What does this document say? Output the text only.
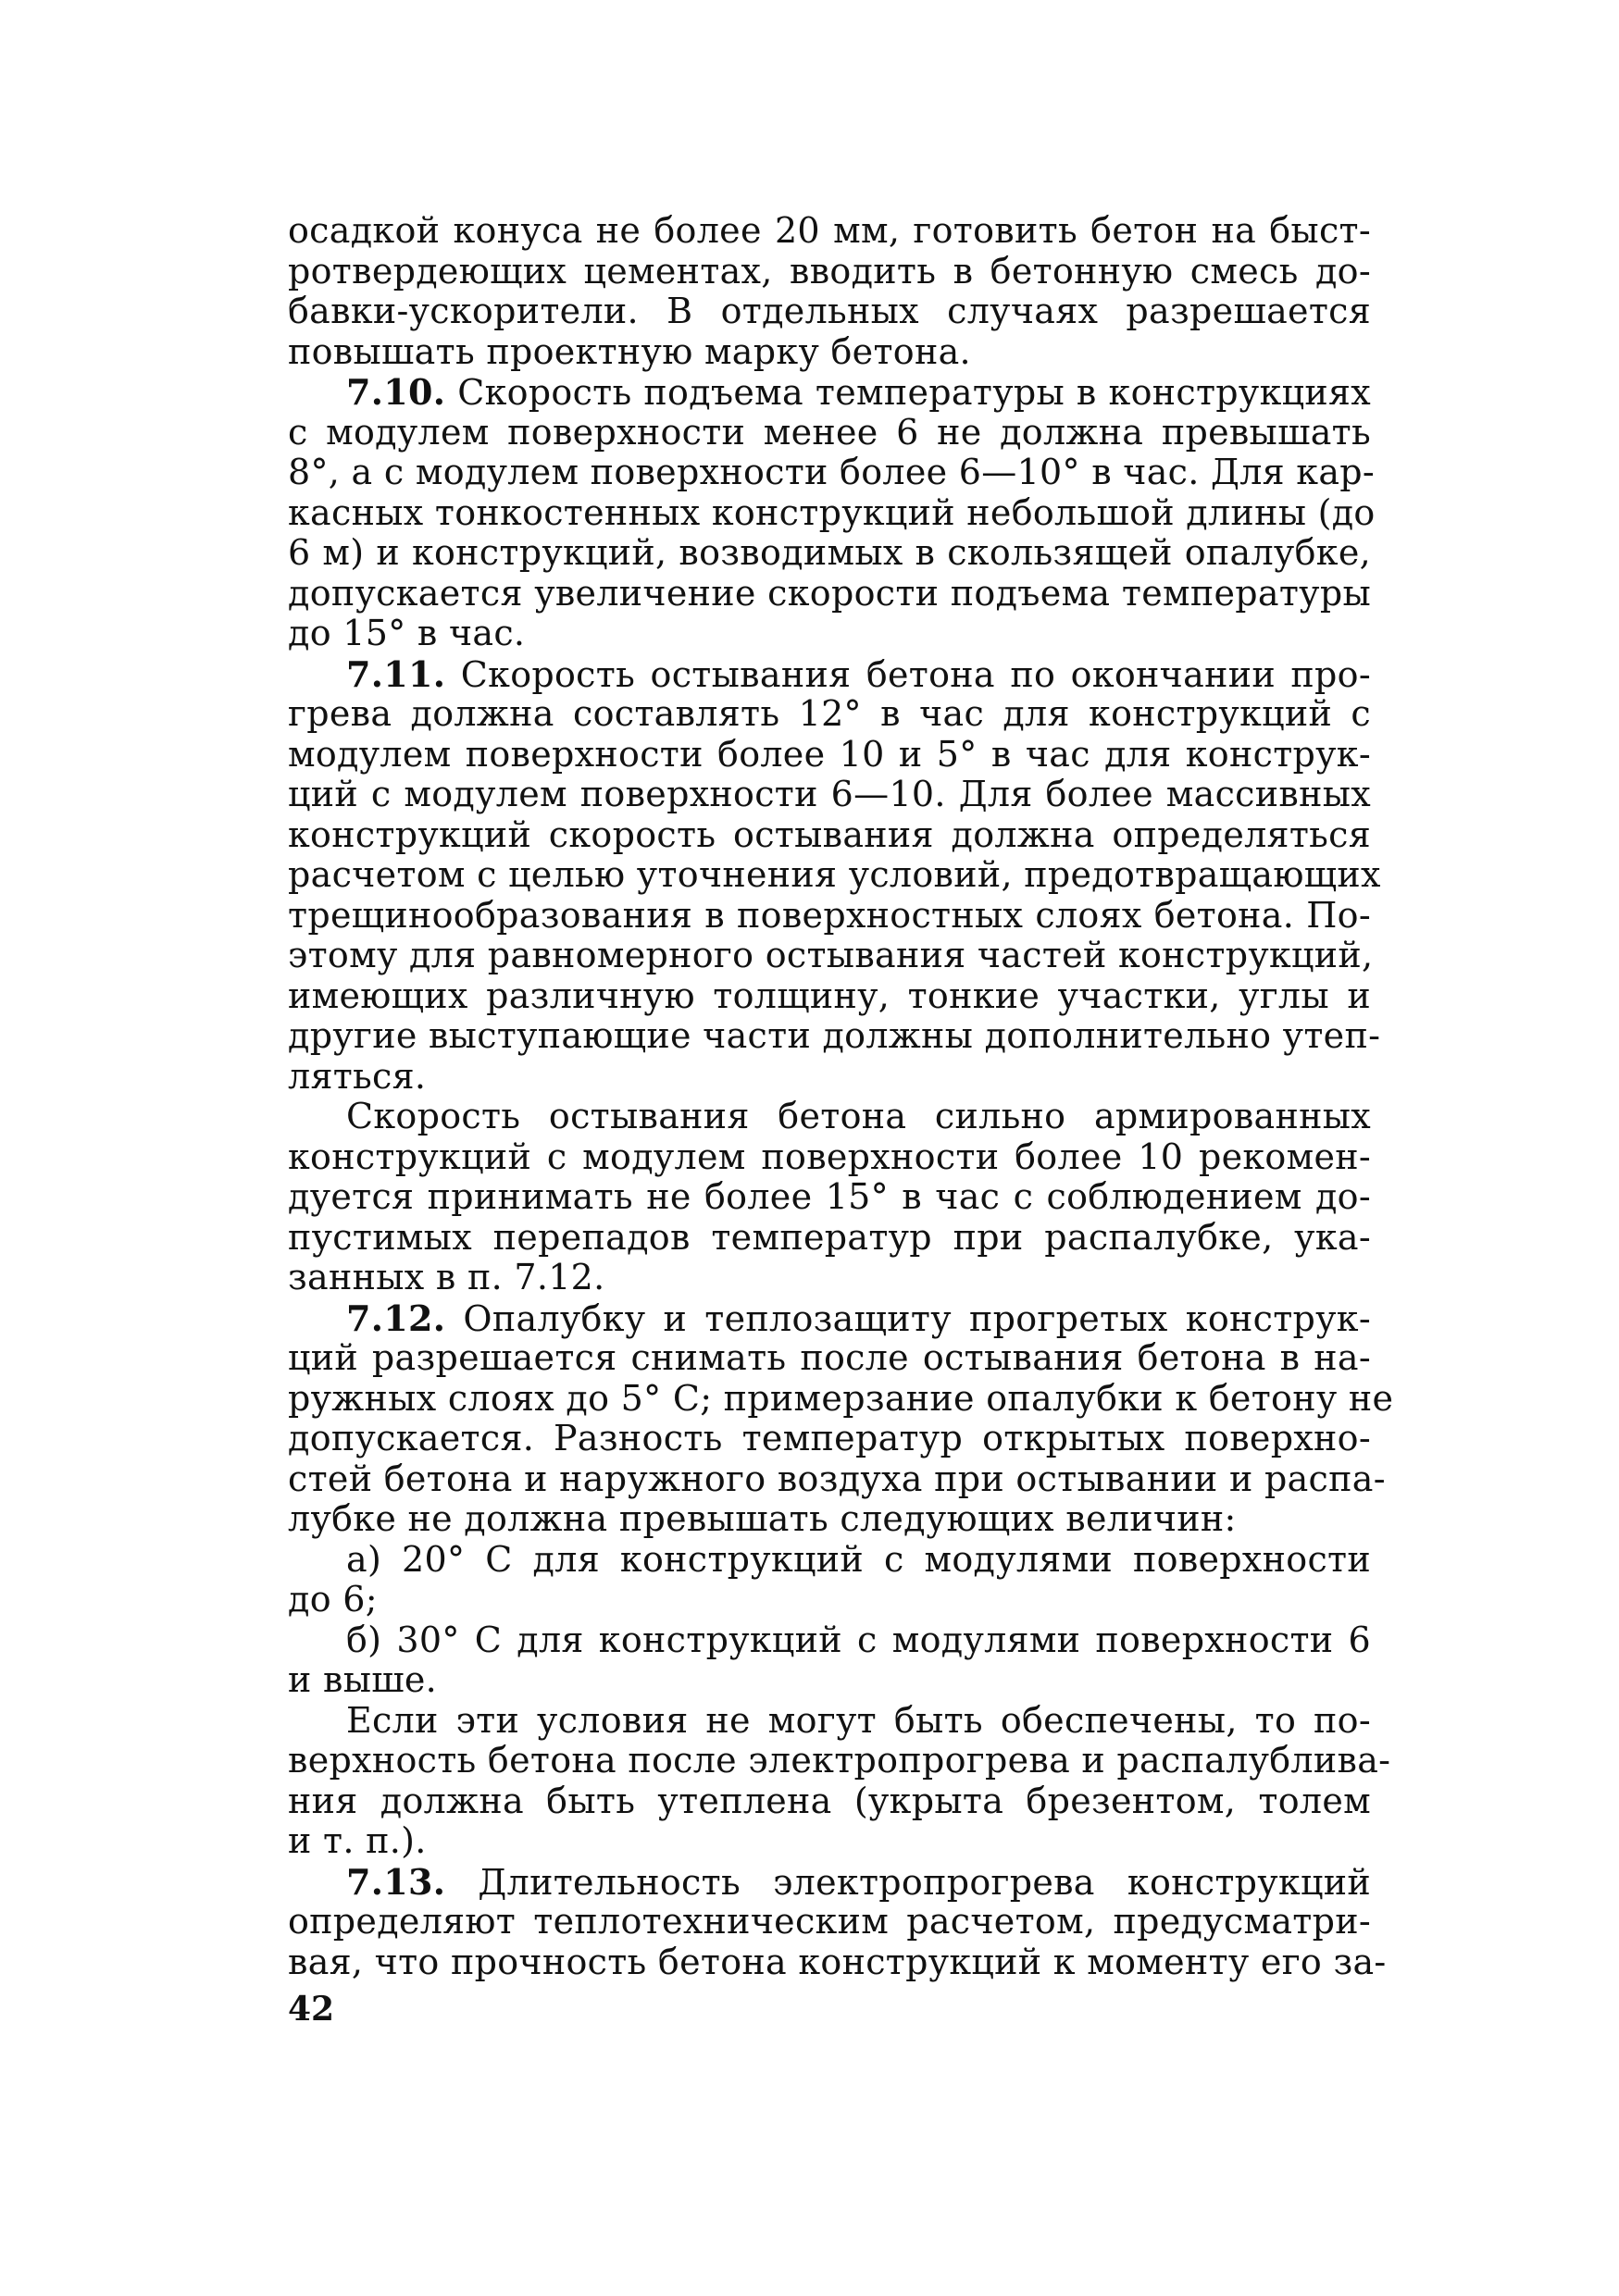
осадкой конуса не более 20 мм, готовить бетон на быст-
ротвердеющих цементах, вводить в бетонную смесь до-
бавки-ускорители. В отдельных случаях разрешается
повышать проектную марку бетона.
7.10. Скорость подъема температуры в конструкциях
с модулем поверхности менее 6 не должна превышать
8°, а с модулем поверхности более 6—10° в час. Для кар-
касных тонкостенных конструкций небольшой длины (до
6 м) и конструкций, возводимых в скользящей опалубке,
допускается увеличение скорости подъема температуры
до 15° в час.
7.11. Скорость остывания бетона по окончании про-
грева должна составлять 12° в час для конструкций с
модулем поверхности более 10 и 5° в час для конструк-
ций с модулем поверхности 6—10. Для более массивных
конструкций скорость остывания должна определяться
расчетом с целью уточнения условий, предотвращающих
трещинообразования в поверхностных слоях бетона. По-
этому для равномерного остывания частей конструкций,
имеющих различную толщину, тонкие участки, углы и
другие выступающие части должны дополнительно утеп-
ляться.
Скорость остывания бетона сильно армированных
конструкций с модулем поверхности более 10 рекомен-
дуется принимать не более 15° в час с соблюдением до-
пустимых перепадов температур при распалубке, ука-
занных в п. 7.12.
7.12. Опалубку и теплозащиту прогретых конструк-
ций разрешается снимать после остывания бетона в на-
ружных слоях до 5° С; примерзание опалубки к бетону не
допускается. Разность температур открытых поверхно-
стей бетона и наружного воздуха при остывании и распа-
лубке не должна превышать следующих величин:
а) 20° С для конструкций с модулями поверхности
до 6;
б) 30° С для конструкций с модулями поверхности 6
и выше.
Если эти условия не могут быть обеспечены, то по-
верхность бетона после электропрогрева и распалублива-
ния должна быть утеплена (укрыта брезентом, толем
и т. п.).
7.13. Длительность электропрогрева конструкций
определяют теплотехническим расчетом, предусматри-
вая, что прочность бетона конструкций к моменту его за-
42
